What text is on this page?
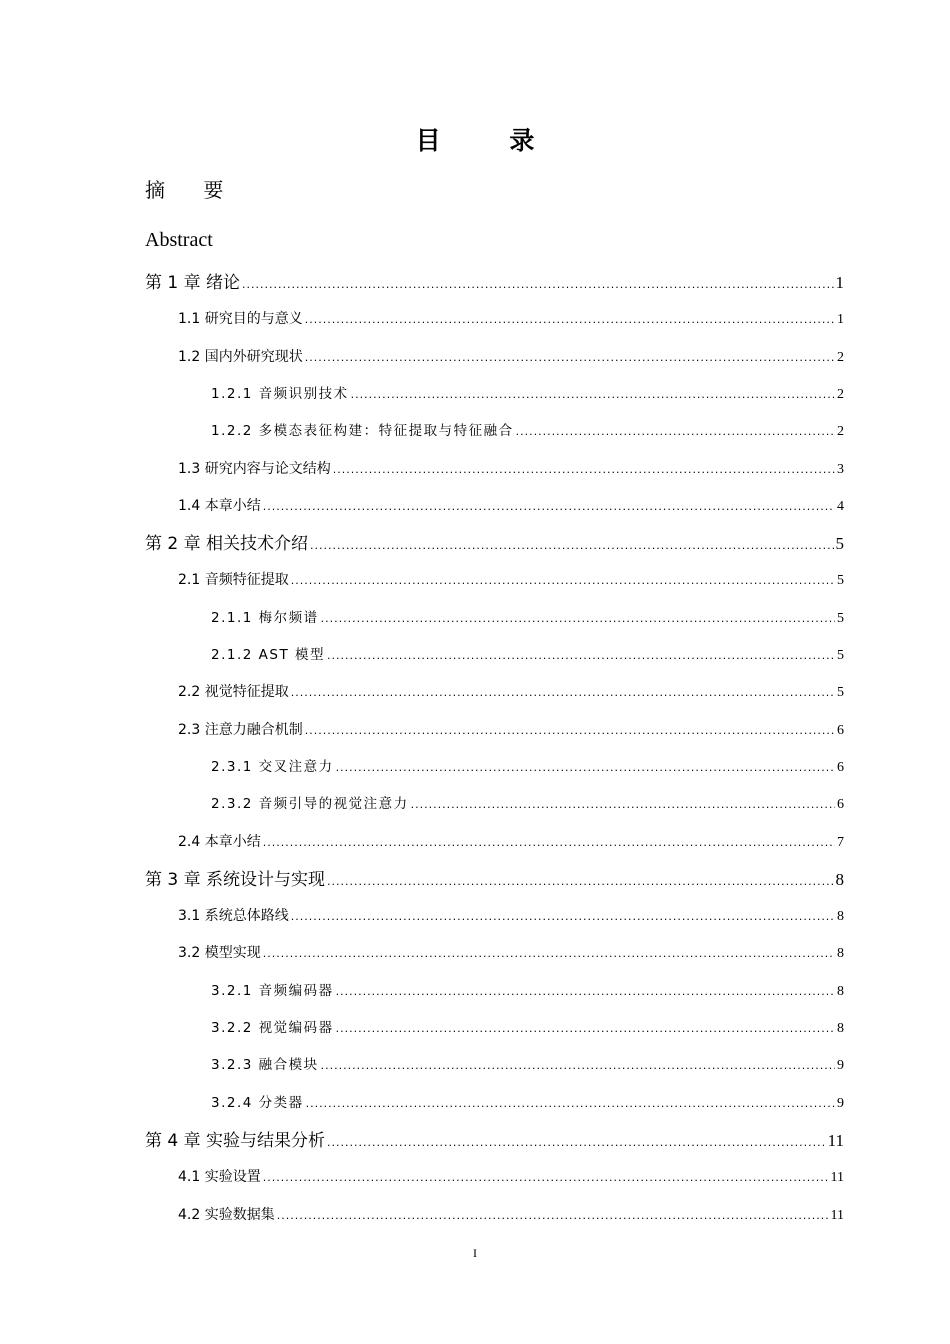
目 录
摘 要
Abstract
第 1 章 绪论 .....	1
1.1 研究目的与意义 .....	1
1.2 国内外研究现状 .....	2
1.2.1 音频识别技术 .....	2
1.2.2 多模态表征构建：特征提取与特征融合 .....	2
1.3 研究内容与论文结构 .....	3
1.4 本章小结 .....	4
第 2 章 相关技术介绍 .....	5
2.1 音频特征提取 .....	5
2.1.1 梅尔频谱 .....	5
2.1.2 AST 模型 .....	5
2.2 视觉特征提取 .....	5
2.3 注意力融合机制 .....	6
2.3.1 交叉注意力 .....	6
2.3.2 音频引导的视觉注意力 .....	6
2.4 本章小结 .....	7
第 3 章 系统设计与实现 .....	8
3.1 系统总体路线 .....	8
3.2 模型实现 .....	8
3.2.1 音频编码器 .....	8
3.2.2 视觉编码器 .....	8
3.2.3 融合模块 .....	9
3.2.4 分类器 .....	9
第 4 章 实验与结果分析 .....	11
4.1 实验设置 .....	11
4.2 实验数据集 .....	11
I
